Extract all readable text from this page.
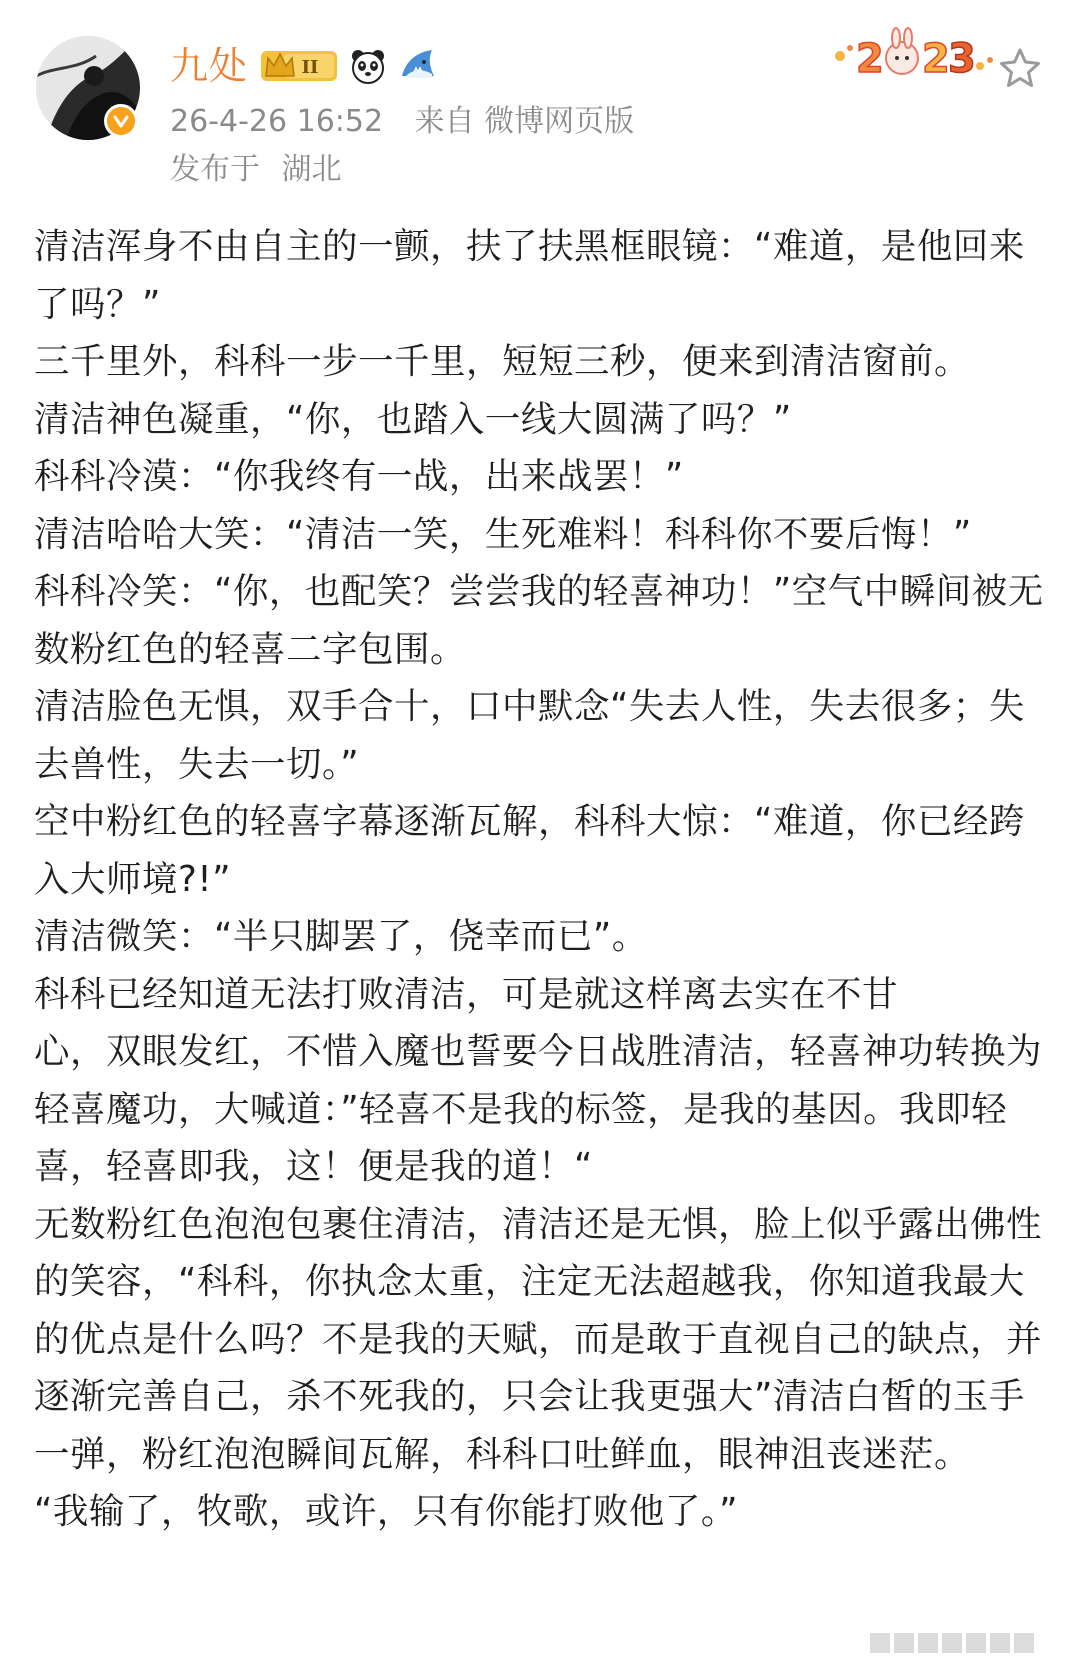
九处	II
26-4-26 16:52 来自 微博网页版
发布于 湖北
2 2
3

清洁浑身不由自主的一颤，扶了扶黑框眼镜：“难道，是他回来了吗？”

三千里外，科科一步一千里，短短三秒，便来到清洁窗前。

清洁神色凝重，“你，也踏入一线大圆满了吗？”

科科冷漠：“你我终有一战，出来战罢！”

清洁哈哈大笑：“清洁一笑，生死难料！科科你不要后悔！”

科科冷笑：“你，也配笑？尝尝我的轻喜神功！”空气中瞬间被无数粉红色的轻喜二字包围。

清洁脸色无惧，双手合十，口中默念“失去人性，失去很多；失去兽性，失去一切。”

空中粉红色的轻喜字幕逐渐瓦解，科科大惊：“难道，你已经跨入大师境?!”

清洁微笑：“半只脚罢了，侥幸而已”。

科科已经知道无法打败清洁，可是就这样离去实在不甘

心，双眼发红，不惜入魔也誓要今日战胜清洁，轻喜神功转换为轻喜魔功，大喊道：”轻喜不是我的标签，是我的基因。我即轻喜，轻喜即我，这！便是我的道！“

无数粉红色泡泡包裹住清洁，清洁还是无惧，脸上似乎露出佛性的笑容，“科科，你执念太重，注定无法超越我，你知道我最大的优点是什么吗？不是我的天赋，而是敢于直视自己的缺点，并逐渐完善自己，杀不死我的，只会让我更强大”清洁白皙的玉手一弹，粉红泡泡瞬间瓦解，科科口吐鲜血，眼神沮丧迷茫。

“我输了，牧歌，或许，只有你能打败他了。”
